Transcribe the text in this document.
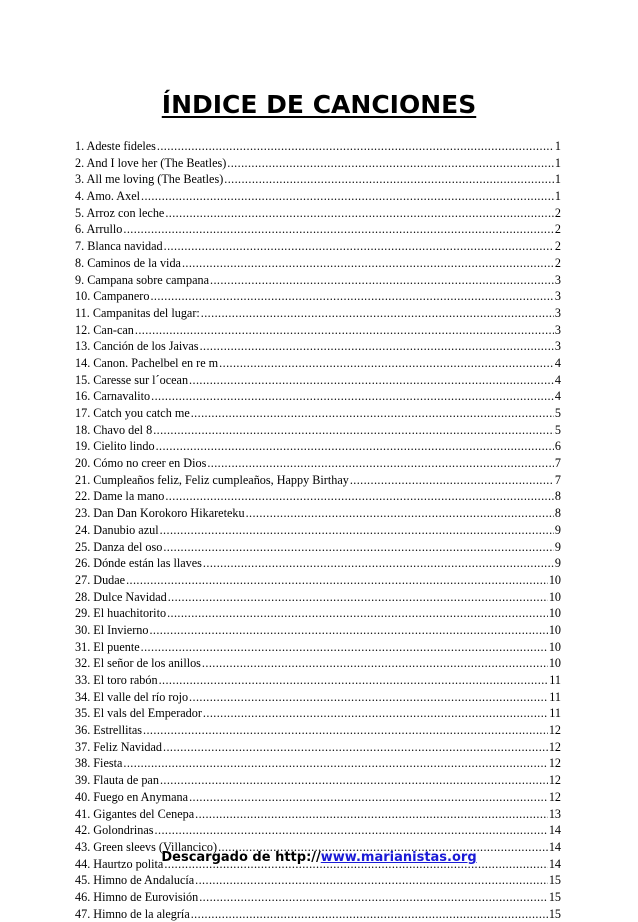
ÍNDICE DE CANCIONES
1. Adeste fideles .....	1
2. And I love her (The Beatles) .....	1
3. All me loving (The Beatles) .....	1
4. Amo. Axel .....	1
5. Arroz con leche .....	2
6. Arrullo .....	2
7. Blanca navidad .....	2
8. Caminos de la vida .....	2
9. Campana sobre campana .....	3
10. Campanero .....	3
11. Campanitas del lugar: .....	3
12. Can-can .....	3
13. Canción de los Jaivas .....	3
14. Canon. Pachelbel en re m .....	4
15. Caresse sur l´ocean .....	4
16. Carnavalito .....	4
17. Catch you catch me .....	5
18. Chavo del 8 .....	5
19. Cielito lindo .....	6
20. Cómo no creer en Dios .....	7
21. Cumpleaños feliz, Feliz cumpleaños, Happy Birthay .....	7
22. Dame la mano .....	8
23. Dan Dan Korokoro Hikareteku .....	8
24. Danubio azul .....	9
25. Danza del oso .....	9
26. Dónde están las llaves .....	9
27. Dudae .....	10
28. Dulce Navidad .....	10
29. El huachitorito .....	10
30. El Invierno .....	10
31. El puente .....	10
32. El señor de los anillos .....	10
33. El toro rabón .....	11
34. El valle del río rojo .....	11
35. El vals del Emperador .....	11
36. Estrellitas .....	12
37. Feliz Navidad .....	12
38. Fiesta .....	12
39. Flauta de pan .....	12
40. Fuego en Anymana .....	12
41. Gigantes del Cenepa .....	13
42. Golondrinas .....	14
43. Green sleevs (Villancico) .....	14
44. Haurtzo polita .....	14
45. Himno de Andalucía .....	15
46. Himno de Eurovisión .....	15
47. Himno de la alegría .....	15
Descargado de http://www.marianistas.org
